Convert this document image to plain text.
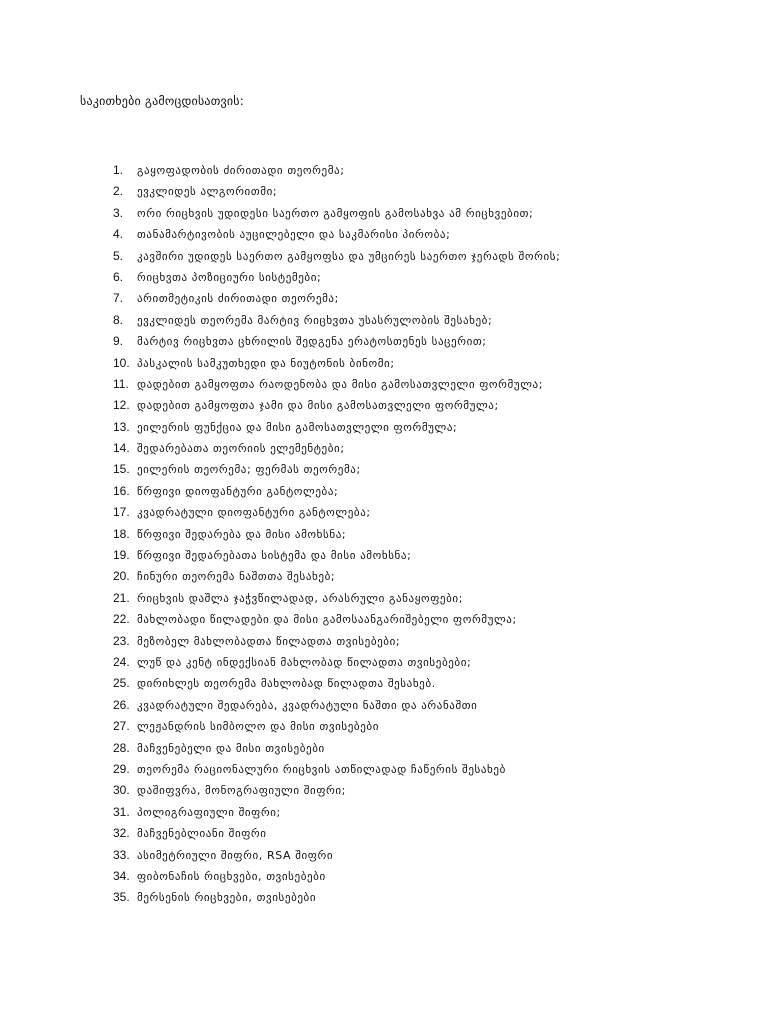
საკითხები გამოცდისათვის:
1. გაყოფადობის ძირითადი თეორემა;
2. ევკლიდეს ალგორითმი;
3. ორი რიცხვის უდიდესი საერთო გამყოფის გამოსახვა ამ რიცხვებით;
4. თანამარტივობის აუცილებელი და საკმარისი პირობა;
5. კავშირი უდიდეს საერთო გამყოფსა და უმცირეს საერთო ჯერადს შორის;
6. რიცხვთა პოზიციური სისტემები;
7. არითმეტიკის ძირითადი თეორემა;
8. ევკლიდეს თეორემა მარტივ რიცხვთა უსასრულობის შესახებ;
9. მარტივ რიცხვთა ცხრილის შედგენა ერატოსთენეს საცერით;
10. პასკალის სამკუთხედი და ნიუტონის ბინომი;
11. დადებით გამყოფთა რაოდენობა და მისი გამოსათვლელი ფორმულა;
12. დადებით გამყოფთა ჯამი და მისი გამოსათვლელი ფორმულა;
13. ეილერის ფუნქცია და მისი გამოსათვლელი ფორმულა;
14. შედარებათა თეორიის ელემენტები;
15. ეილერის თეორემა; ფერმას თეორემა;
16. წრფივი დიოფანტური განტოლება;
17. კვადრატული დიოფანტური განტოლება;
18. წრფივი შედარება და მისი ამოხსნა;
19. წრფივი შედარებათა სისტემა და მისი ამოხსნა;
20. ჩინური თეორემა ნაშთთა შესახებ;
21. რიცხვის დაშლა ჯაჭვწილადად, არასრული განაყოფები;
22. მახლობადი წილადები და მისი გამოსაანგარიშებელი ფორმულა;
23. მეზობელ მახლობადთა წილადთა თვისებები;
24. ლუწ და კენტ ინდექსიან მახლობად წილადთა თვისებები;
25. დირიხლეს თეორემა მახლობად წილადთა შესახებ.
26. კვადრატული შედარება, კვადრატული ნაშთი და არანაშთი
27. ლეჟანდრის სიმბოლო და მისი თვისებები
28. მაჩვენებელი და მისი თვისებები
29. თეორემა რაციონალური რიცხვის ათწილადად ჩაწერის შესახებ
30. დაშიფვრა, მონოგრაფიული შიფრი;
31. პოლიგრაფიული შიფრი;
32. მაჩვენებლიანი შიფრი
33. ასიმეტრიული შიფრი, RSA შიფრი
34. ფიბონაჩის რიცხვები, თვისებები
35. მერსენის რიცხვები, თვისებები
